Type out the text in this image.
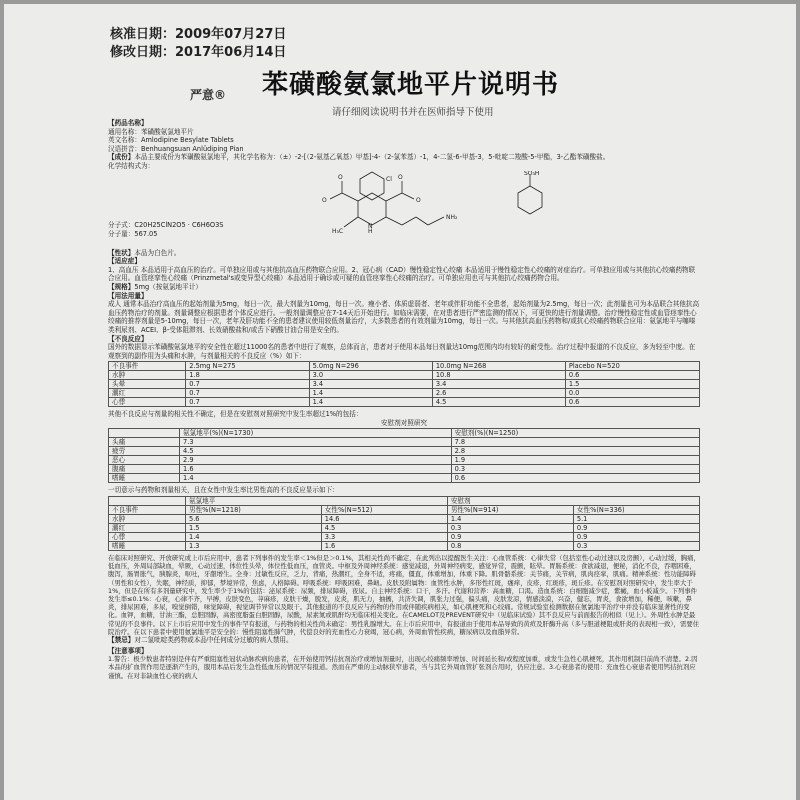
核准日期：2009年07月27日
修改日期：2017年06月14日
严意® 苯磺酸氨氯地平片说明书
请仔细阅读说明书并在医师指导下使用
【药品名称】
通用名称：苯磺酸氨氯地平片
英文名称：Amlodipine Besylate Tablets
汉语拼音：Benhuangsuan Anlüdiping Pian
【成份】本品主要成份为苯磺酸氨氯地平，其化学名称为：（±）-2-[（2-氨基乙氧基）甲基]-4-（2-氯苯基）-1，4-二氢-6-甲基-3，5-吡啶二羧酸-5-甲酯，3-乙酯苯磺酸盐。
化学结构式为：
Cl
O
O
O
O
H
N
NH₂
H₃C
SO₃H
分子式：C20H25ClN2O5 · C6H6O3S
分子量：567.05
【性状】本品为白色片。
【适应症】
1、高血压 本品适用于高血压的治疗。可单独应用或与其他抗高血压药物联合应用。2、冠心病（CAD）慢性稳定性心绞痛 本品适用于慢性稳定性心绞痛的对症治疗。可单独应用或与其他抗心绞痛药物联合应用。血管痉挛性心绞痛（Prinzmetal's或变异型心绞痛）本品适用于确诊或可疑的血管痉挛性心绞痛的治疗。可单独应用也可与其他抗心绞痛药物合用。
【规格】5mg（按氨氯地平计）
【用法用量】
成人 通常本品治疗高血压的起始剂量为5mg，每日一次，最大剂量为10mg，每日一次。瘦小者、体质虚弱者、老年或伴肝功能不全患者，起始剂量为2.5mg，每日一次；此剂量也可为本品联合其他抗高血压药物治疗的剂量。剂量调整应根据患者个体反应进行。一般剂量调整应在7-14天后开始进行。如临床需要，在对患者进行严密监测的情况下，可更快的进行剂量调整。治疗慢性稳定性或血管痉挛性心绞痛的推荐剂量是5-10mg，每日一次，老年及肝功能不全的患者建议使用较低剂量治疗，大多数患者的有效剂量为10mg，每日一次。与其他抗高血压药物和/或抗心绞痛药物联合应用：氨氯地平与噻嗪类利尿剂、ACEI、β-受体阻滞剂、长效硝酸盐和/或舌下硝酸甘油合用是安全的。
【不良反应】
国外的数据显示苯磺酸氨氯地平的安全性在超过11000名的患者中进行了观察，总体而言，患者对于使用本品每日剂量达10mg范围内均有较好的耐受性。治疗过程中报道的不良反应，多为轻至中度。在观察到的副作用为头痛和水肿，与剂量相关的不良反应（%）如下：
不良事件	2.5mg N=275	5.0mg N=296	10.0mg N=268	Placebo N=520
水肿	1.8	3.0	10.8	0.6
头晕	0.7	3.4	3.4	1.5
潮红	0.7	1.4	2.6	0.0
心悸	0.7	1.4	4.5	0.6
其他不良反应与剂量的相关性不确定，但是在安慰剂对照研究中发生率超过1%的包括：
安慰剂对照研究
	氨氯地平(%)(N=1730)	安慰剂(%)(N=1250)
头痛	7.3	7.8
疲劳	4.5	2.8
恶心	2.9	1.9
腹痛	1.6	0.3
嗜睡	1.4	0.6
一切意示与药物和剂量相关，且在女性中发生率比男性高的不良反应显示如下：
	氨氯地平		安慰剂	
不良事件	男性%(N=1218)	女性%(N=512)	男性%(N=914)	女性%(N=336)
水肿	5.6	14.6	1.4	5.1
潮红	1.5	4.5	0.3	0.9
心悸	1.4	3.3	0.9	0.9
嗜睡	1.3	1.6	0.8	0.3
在临床对照研究、开放研究或上市后应用中，患者下列事件的发生率＜1%但是＞0.1%，其相关性尚不确定，在此列出以提醒医生关注：心血管系统：心律失常（包括室性心动过速以及房颤），心动过缓，胸痛，低血压，外周局部缺血，晕厥，心动过速，体位性头晕，体位性低血压，血管炎。中枢及外周神经系统：感觉减退，外周神经病变，感觉异常，震颤，眩晕。胃肠系统：食欲减退，便秘，消化不良，吞咽困难，腹泻，肠胃胀气，胰腺炎，呕吐，牙龈增生。全身：过敏性反应，乏力，背痛，热潮红，全身不适，疼痛，僵直，体重增加，体重下降。肌骨骼系统：关节痛，关节病，肌肉痉挛，肌痛。精神系统：性功能障碍（男性和女性），失眠，神经质，抑郁，梦境异常，焦虑，人格障碍。呼吸系统：呼吸困难，鼻衄。皮肤及附属物：血管性水肿，多形性红斑，瘙痒，皮疹，红斑疹，斑丘疹。在安慰剂对照研究中，发生率大于1%，但是在所有多剂量研究中，发生率少于1%的包括：泌尿系统：尿频，排尿障碍，夜尿。自主神经系统：口干，多汗。代谢和营养：高血糖，口渴。造血系统：白细胞减少症，紫癜，血小板减少。下列事件发生率≤0.1%：心衰，心律不齐，早搏，皮肤变色，荨麻疹，皮肤干燥，脱发，皮炎，肌无力，抽搐，共济失调，肌张力过强，偏头痛，皮肤发凉，情感淡漠，兴奋，健忘，胃炎，食欲增加，稀便，咳嗽，鼻炎，排尿困难，多尿，嗅觉倒错，味觉障碍，视觉调节异常以及眼干。其他报道的不良反应与药物的作用或伴随疾病相关，如心肌梗死和心绞痛。常规试验室检测数据在氨氯地平治疗中并没有临床显著性的变化。血钾，血糖，甘油三酯，总胆固醇，高密度脂蛋白胆固醇，尿酸，尿素氮或肌酐均无临床相关变化。在CAMELOT及PREVENT研究中（见临床试验）其不良反应与前面报告的相似（见上）。外周性水肿是最常见的不良事件。以下上市后应用中发生的事件罕有报道，与药物的相关性尚未确定：男性乳腺增大。在上市后应用中，有报道由于使用本品导致的黄疸及肝酶升高（多与胆道梗阻或肝炎的表现相一致），需要住院治疗。在以下患者中使用氨氯地平是安全的：慢性阻塞性肺气肿，代偿良好的充血性心力衰竭，冠心病，外周血管性疾病，糖尿病以及血脂异常。
【禁忌】对二氢吡啶类药物或本品中任何成分过敏的病人禁用。
【注意事项】
1.警告：极少数患者特别是伴有严重阻塞性冠状动脉疾病的患者，在开始使用钙拮抗剂治疗或增加剂量时，出现心绞痛频率增加、时间延长和/或程度加重，或发生急性心肌梗死，其作用机制目前尚不清楚。2.因本品的扩血管作用是逐渐产生的，服用本品后发生急性低血压的情况罕有报道。然而在严重的主动脉狭窄患者，当与其它外周血管扩张剂合用时，仍应注意。3.心衰患者的使用：充血性心衰患者使用钙拮抗剂应谨慎。在对非缺血性心衰的病人
